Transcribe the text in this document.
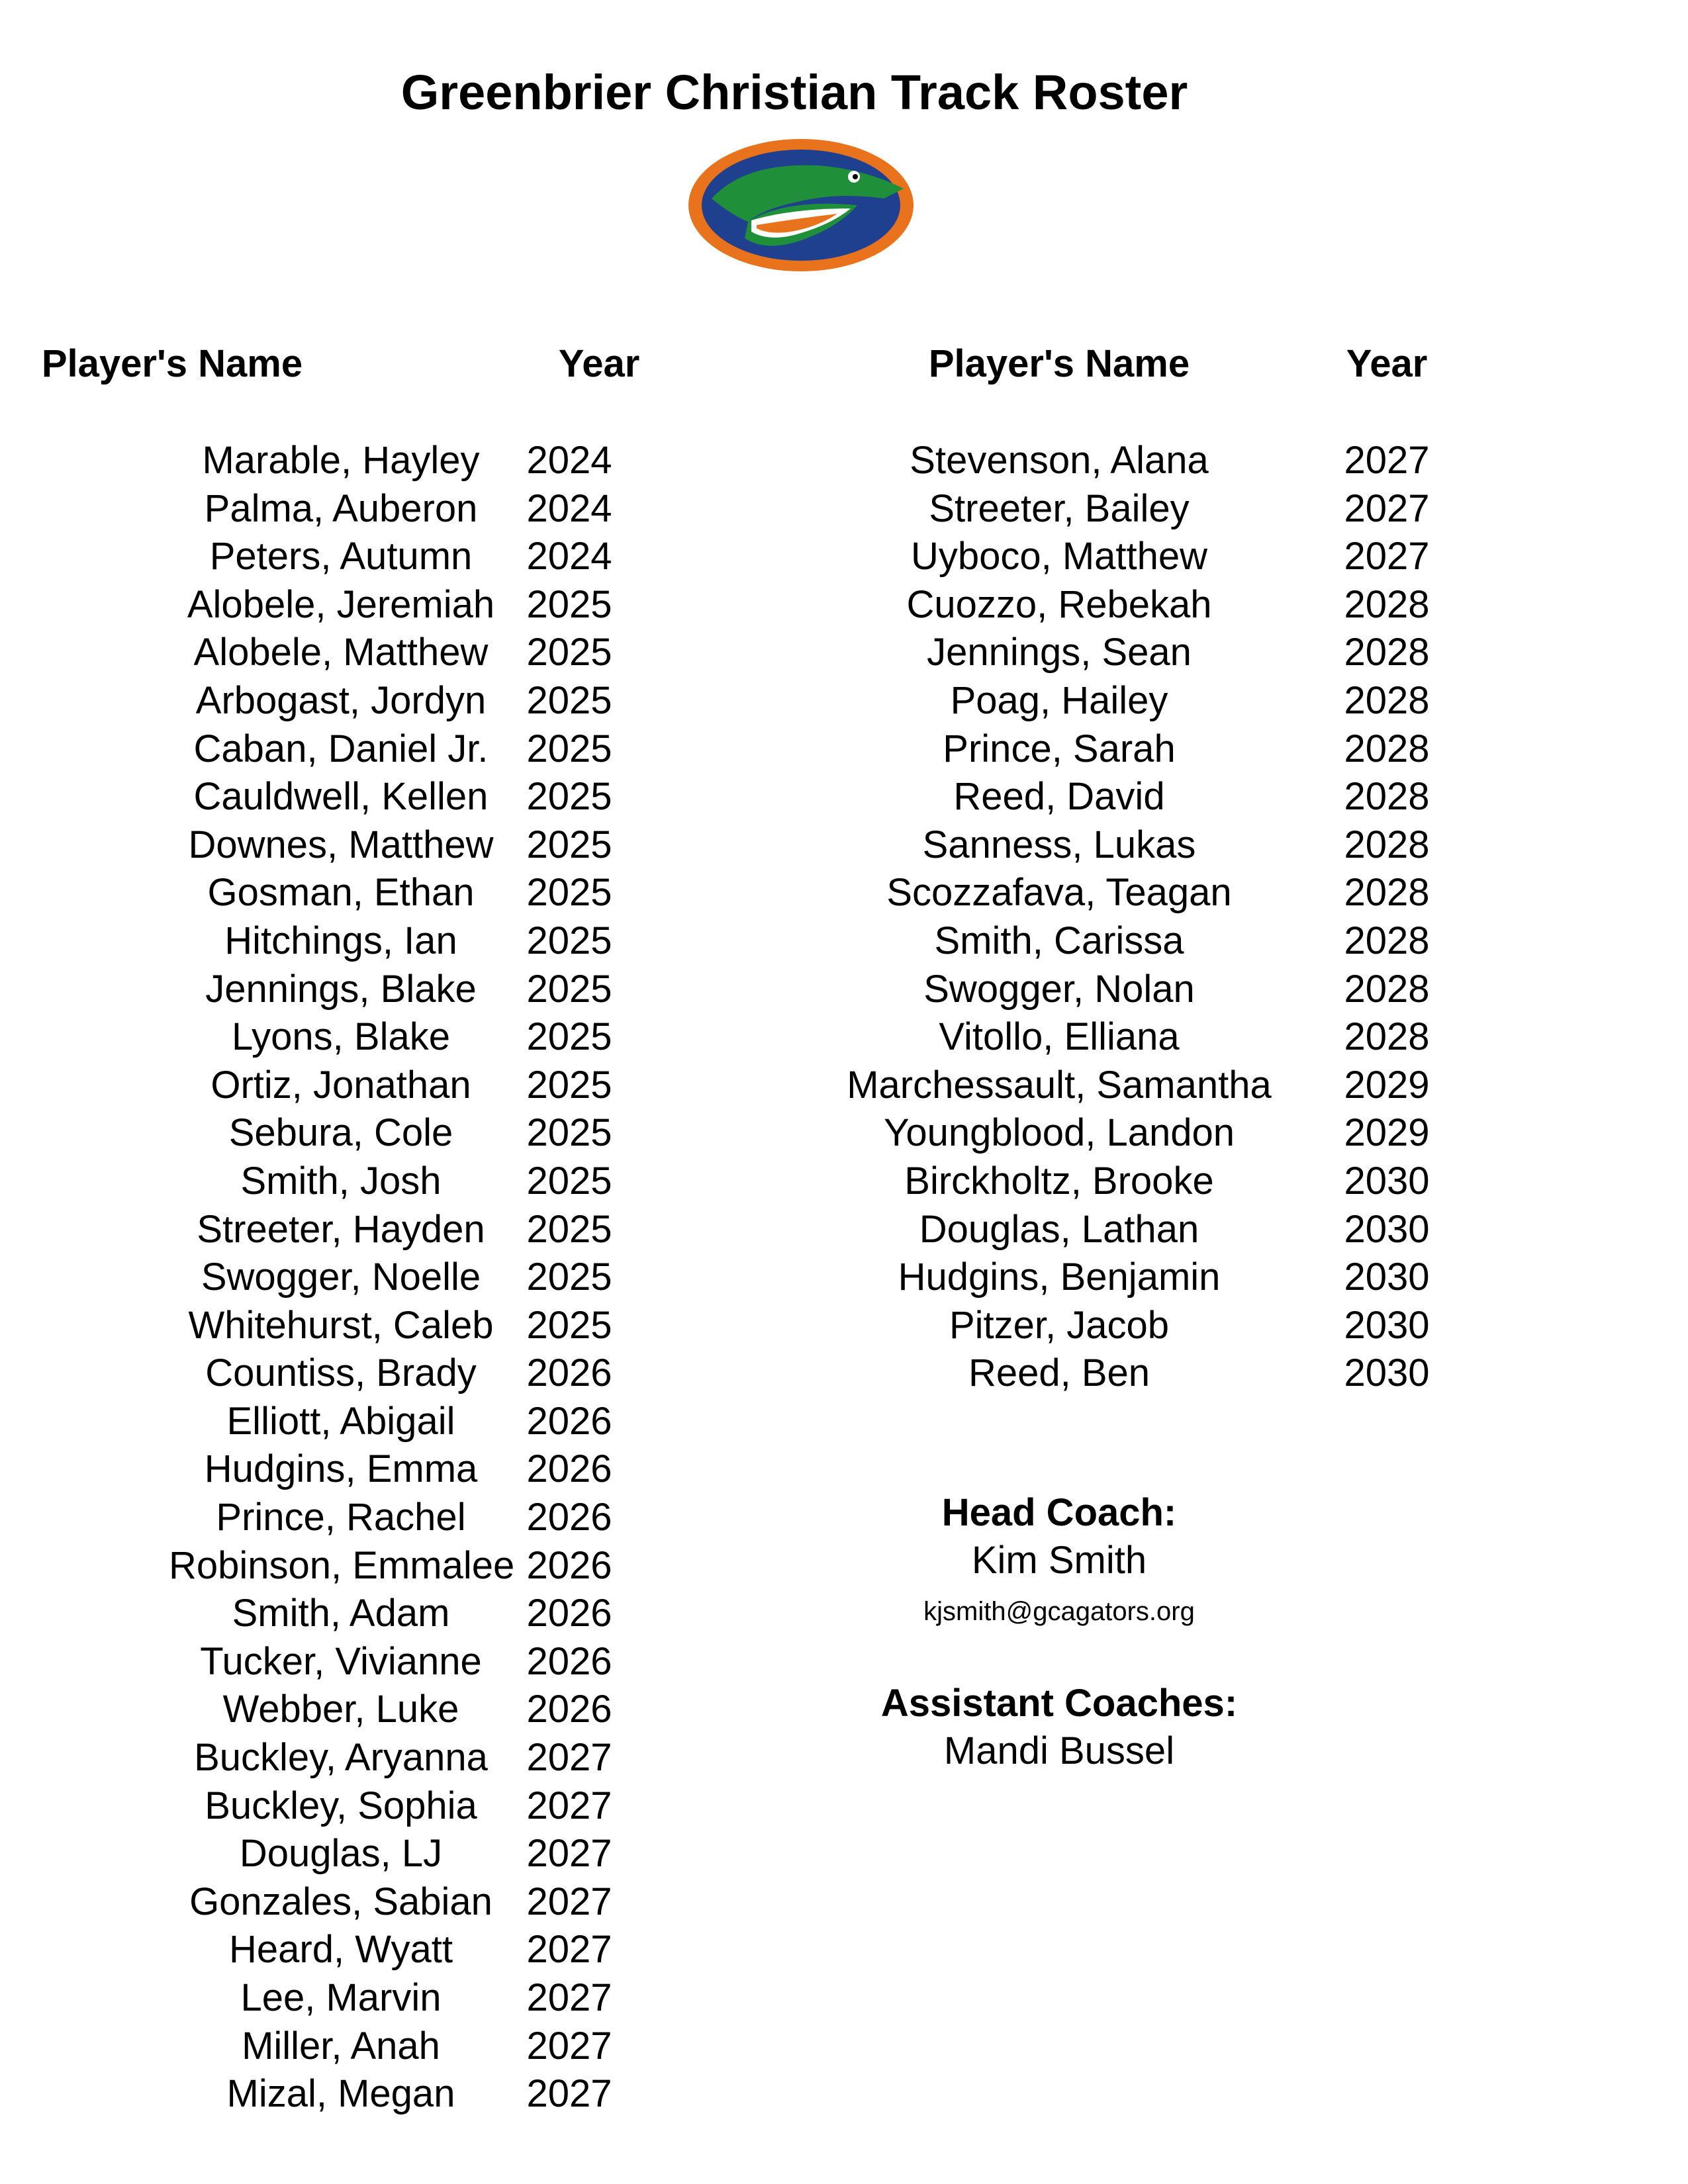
Greenbrier Christian Track Roster
Player's Name	Year	Player's Name	Year
Marable, Hayley	2024
Palma, Auberon	2024
Peters, Autumn	2024
Alobele, Jeremiah 2025
Alobele, Matthew	2025
Arbogast, Jordyn	2025
Caban, Daniel Jr.	2025
Cauldwell, Kellen	2025
Downes, Matthew 2025
Gosman, Ethan	2025
Hitchings, Ian	2025
Jennings, Blake	2025
Lyons, Blake	2025
Ortiz, Jonathan	2025
Sebura, Cole	2025
Smith, Josh	2025
Streeter, Hayden	2025
Swogger, Noelle	2025
Whitehurst, Caleb 2025
Countiss, Brady	2026
Elliott, Abigail	2026
Hudgins, Emma	2026
Prince, Rachel	2026
Robinson, Emmalee 2026
Smith, Adam	2026
Tucker, Vivianne	2026
Webber, Luke	2026
Buckley, Aryanna	2027
Buckley, Sophia	2027
Douglas, LJ	2027
Gonzales, Sabian 2027
Heard, Wyatt	2027
Lee, Marvin	2027
Miller, Anah	2027
Mizal, Megan	2027
Stevenson, Alana	2027
Streeter, Bailey	2027
Uyboco, Matthew	2027
Cuozzo, Rebekah	2028
Jennings, Sean	2028
Poag, Hailey	2028
Prince, Sarah	2028
Reed, David	2028
Sanness, Lukas	2028
Scozzafava, Teagan	2028
Smith, Carissa	2028
Swogger, Nolan	2028
Vitollo, Elliana	2028
Marchessault, Samantha	2029
Youngblood, Landon	2029
Birckholtz, Brooke	2030
Douglas, Lathan	2030
Hudgins, Benjamin	2030
Pitzer, Jacob	2030
Reed, Ben	2030
Head Coach:
Kim Smith
kjsmith@gcagators.org
Assistant Coaches:
Mandi Bussel
